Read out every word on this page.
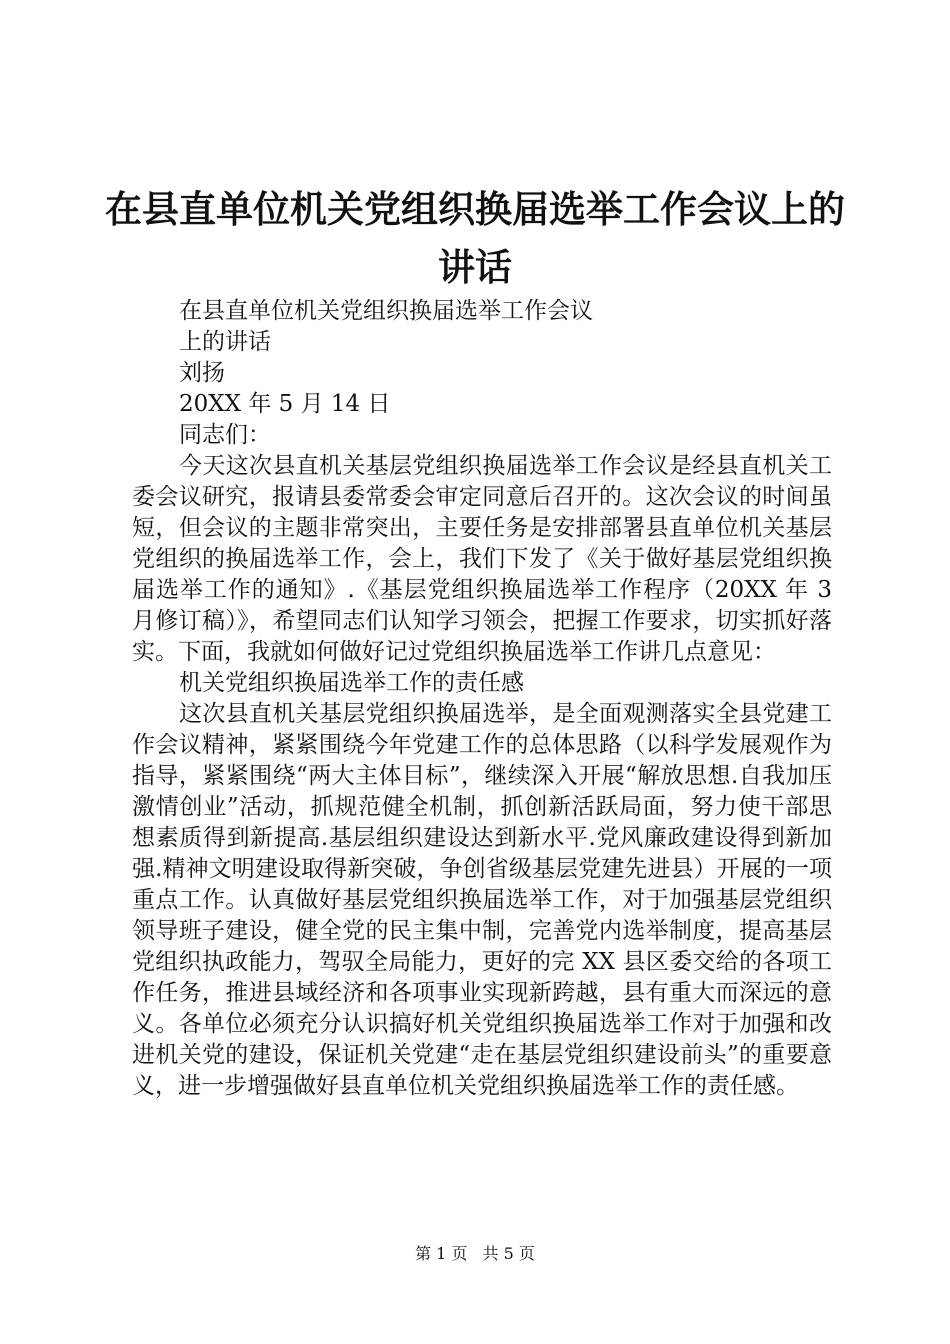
在县直单位机关党组织换届选举工作会议上的讲话
在县直单位机关党组织换届选举工作会议
上的讲话
刘扬
20XX 年 5 月 14 日
同志们：

今天这次县直机关基层党组织换届选举工作会议是经县直机关工委会议研究，报请县委常委会审定同意后召开的。这次会议的时间虽短，但会议的主题非常突出，主要任务是安排部署县直单位机关基层党组织的换届选举工作，会上，我们下发了《关于做好基层党组织换届选举工作的通知》.《基层党组织换届选举工作程序（20XX 年 3 月修订稿）》，希望同志们认知学习领会，把握工作要求，切实抓好落实。下面，我就如何做好记过党组织换届选举工作讲几点意见：

机关党组织换届选举工作的责任感

这次县直机关基层党组织换届选举，是全面观测落实全县党建工作会议精神，紧紧围绕今年党建工作的总体思路（以科学发展观作为指导，紧紧围绕“两大主体目标”，继续深入开展“解放思想.自我加压激情创业”活动，抓规范健全机制，抓创新活跃局面，努力使干部思想素质得到新提高.基层组织建设达到新水平.党风廉政建设得到新加强.精神文明建设取得新突破，争创省级基层党建先进县）开展的一项重点工作。认真做好基层党组织换届选举工作，对于加强基层党组织领导班子建设，健全党的民主集中制，完善党内选举制度，提高基层党组织执政能力，驾驭全局能力，更好的完 XX 县区委交给的各项工作任务，推进县域经济和各项事业实现新跨越，县有重大而深远的意义。各单位必须充分认识搞好机关党组织换届选举工作对于加强和改进机关党的建设，保证机关党建“走在基层党组织建设前头”的重要意义，进一步增强做好县直单位机关党组织换届选举工作的责任感。

第 1 页 共 5 页
